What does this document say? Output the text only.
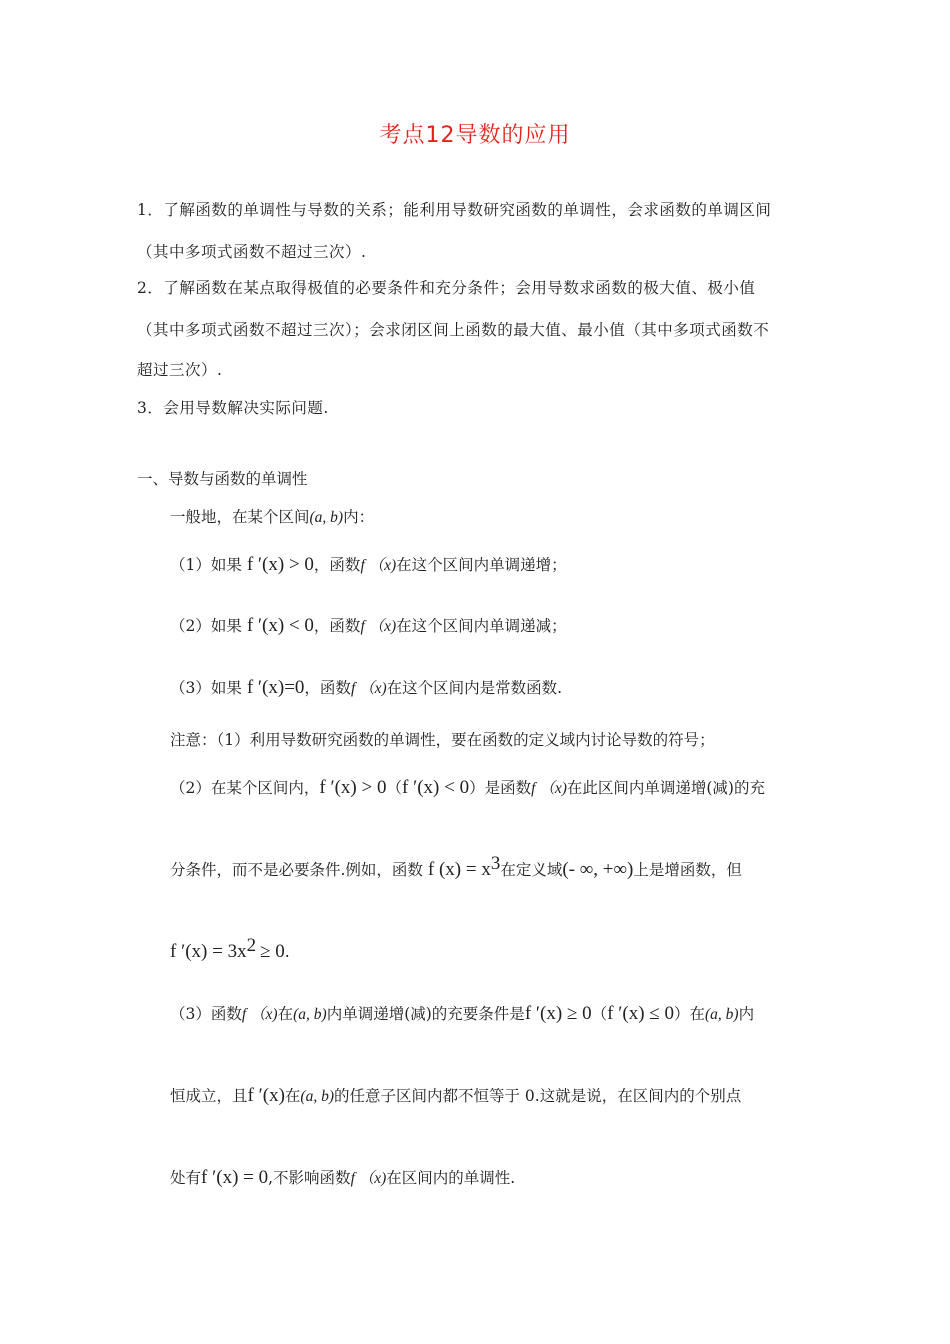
考点12导数的应用
1．了解函数的单调性与导数的关系；能利用导数研究函数的单调性，会求函数的单调区间
（其中多项式函数不超过三次）.
2．了解函数在某点取得极值的必要条件和充分条件；会用导数求函数的极大值、极小值
（其中多项式函数不超过三次）；会求闭区间上函数的最大值、最小值（其中多项式函数不
超过三次）.
3．会用导数解决实际问题.
一、导数与函数的单调性
一般地，在某个区间(a, b)内：
（1）如果 f ′(x) > 0，函数f （x)在这个区间内单调递增；
（2）如果 f ′(x) < 0，函数f （x)在这个区间内单调递减；
（3）如果 f ′(x)=0，函数f （x)在这个区间内是常数函数.
注意：（1）利用导数研究函数的单调性，要在函数的定义域内讨论导数的符号；
（2）在某个区间内，f ′(x) > 0（f ′(x) < 0）是函数f （x)在此区间内单调递增(减)的充
分条件，而不是必要条件.例如，函数 f $(x) = x^3$在定义域(- ∞, +∞)上是增函数，但
f $'(x) = 3x^2 \ge 0$.
（3）函数f （x)在(a, b)内单调递增(减)的充要条件是f ′(x) ≥ 0（f ′(x) ≤ 0）在(a, b)内
恒成立，且f ′(x)在(a, b)的任意子区间内都不恒等于 0.这就是说，在区间内的个别点
处有f ′(x) = 0,不影响函数f （x)在区间内的单调性.
